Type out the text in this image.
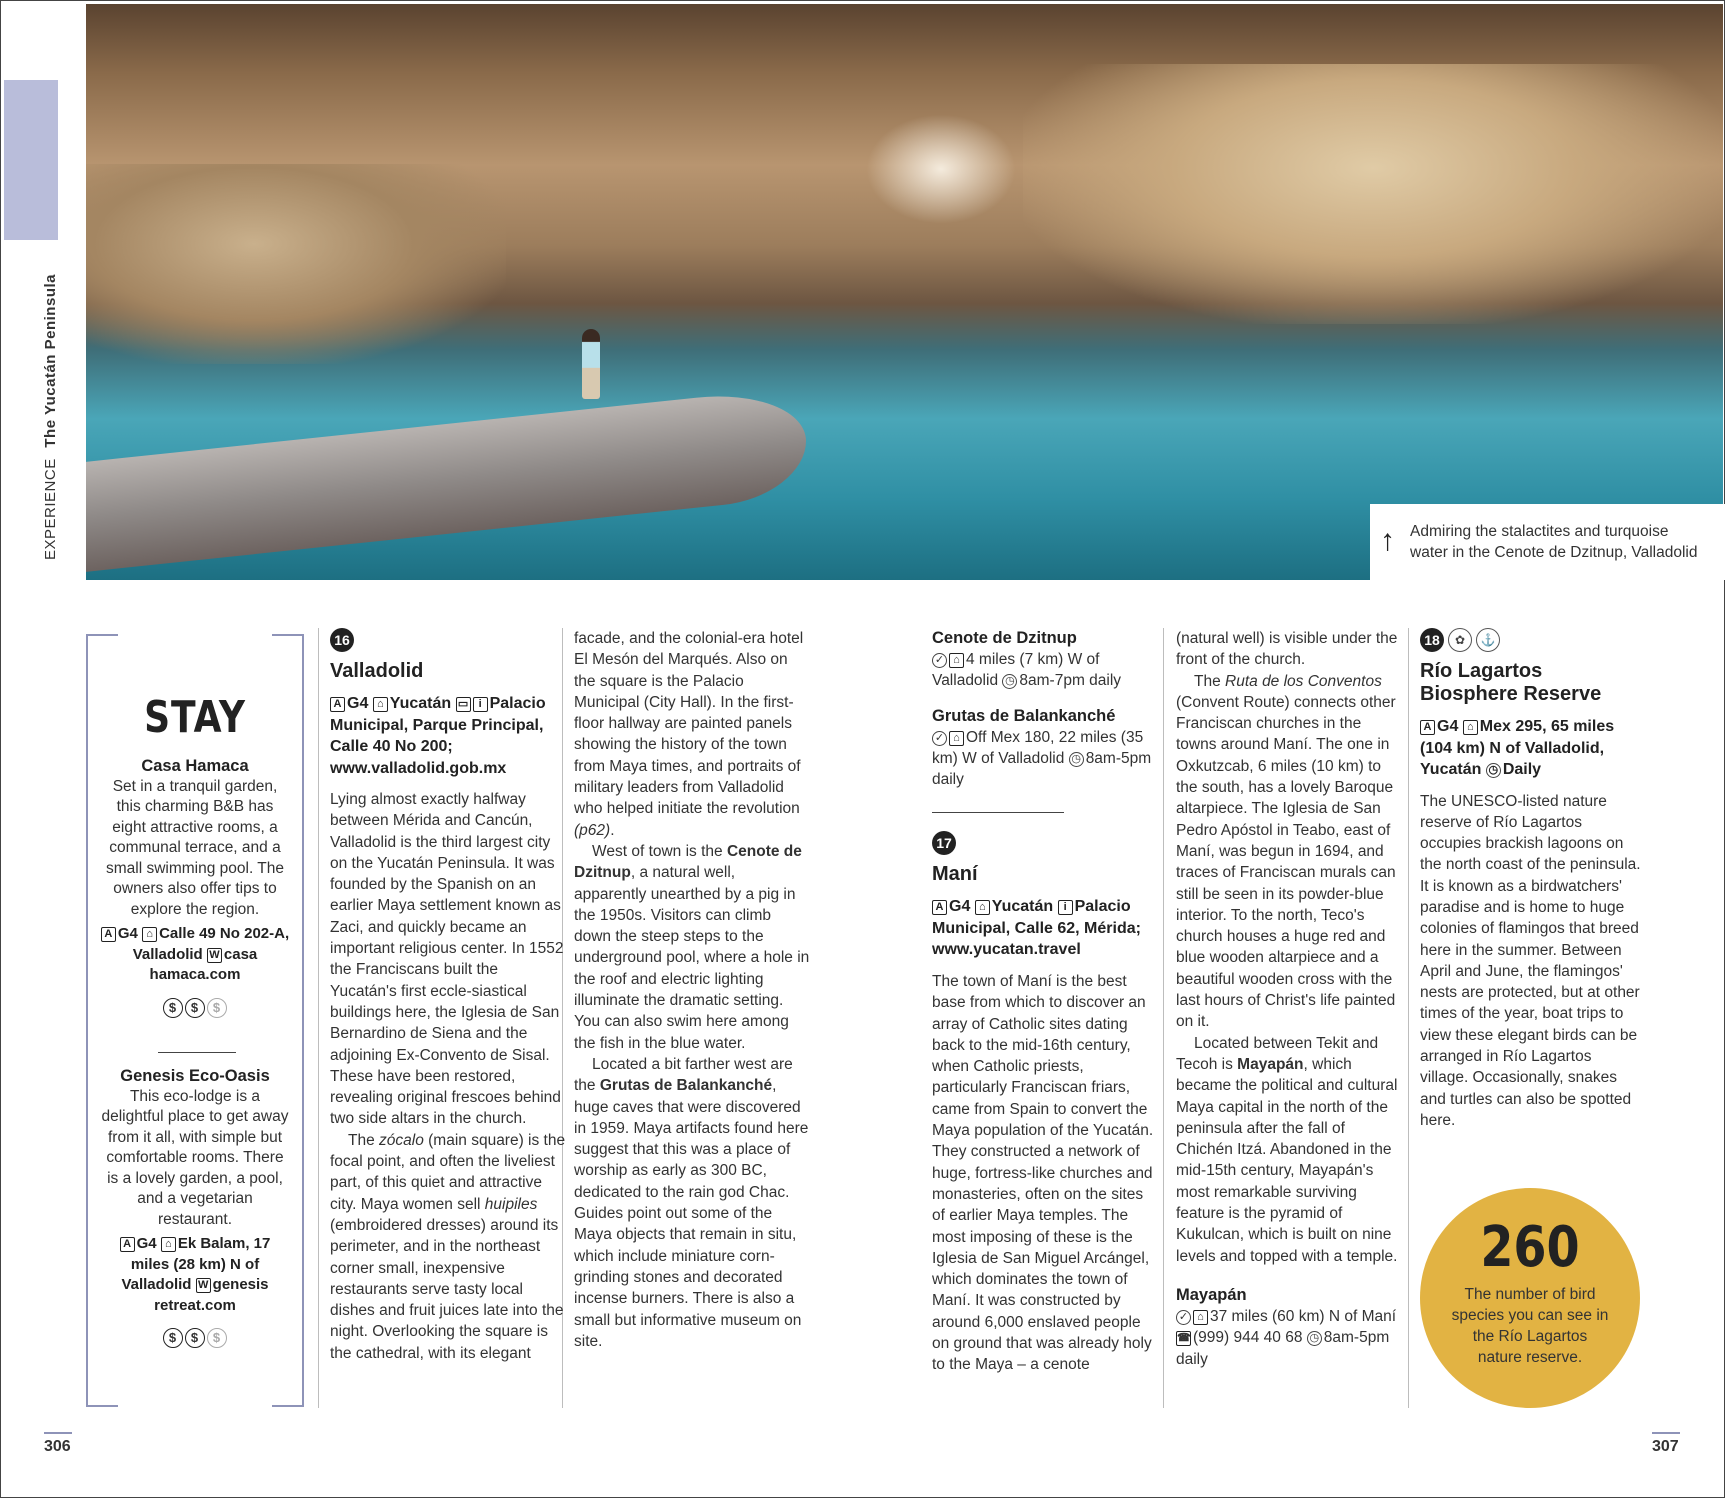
EXPERIENCE The Yucatán Peninsula
↑ Admiring the stalactites and turquoise water in the Cenote de Dzitnup, Valladolid
STAY
Casa Hamaca
Set in a tranquil garden, this charming B&B has eight attractive rooms, a communal terrace, and a small swimming pool. The owners also offer tips to explore the region.
A G4 ⌂ Calle 49 No 202-A, Valladolid W casa hamaca.com
$ $ $
Genesis Eco-Oasis
This eco-lodge is a delightful place to get away from it all, with simple but comfortable rooms. There is a lovely garden, a pool, and a vegetarian restaurant.
A G4 ⌂ Ek Balam, 17 miles (28 km) N of Valladolid W genesis retreat.com
$ $ $
16
Valladolid
A G4 ⌂ Yucatán ▭ i Palacio Municipal, Parque Principal, Calle 40 No 200; www.valladolid.gob.mx

Lying almost exactly halfway between Mérida and Cancún, Valladolid is the third largest city on the Yucatán Peninsula. It was founded by the Spanish on an earlier Maya settlement known as Zaci, and quickly became an important religious center. In 1552 the Franciscans built the Yucatán's first eccle-siastical buildings here, the Iglesia de San Bernardino de Siena and the adjoining Ex-Convento de Sisal. These have been restored, revealing original frescoes behind two side altars in the church.

The zócalo (main square) is the focal point, and often the liveliest part, of this quiet and attractive city. Maya women sell huipiles (embroidered dresses) around its perimeter, and in the northeast corner small, inexpensive restaurants serve tasty local dishes and fruit juices late into the night. Overlooking the square is the cathedral, with its elegant

facade, and the colonial-era hotel El Mesón del Marqués. Also on the square is the Palacio Municipal (City Hall). In the first-floor hallway are painted panels showing the history of the town from Maya times, and portraits of military leaders from Valladolid who helped initiate the revolution (p62).

West of town is the Cenote de Dzitnup, a natural well, apparently unearthed by a pig in the 1950s. Visitors can climb down the steep steps to the underground pool, where a hole in the roof and electric lighting illuminate the dramatic setting. You can also swim here among the fish in the blue water.

Located a bit farther west are the Grutas de Balankanché, huge caves that were discovered in 1959. Maya artifacts found here suggest that this was a place of worship as early as 300 BC, dedicated to the rain god Chac. Guides point out some of the Maya objects that remain in situ, which include miniature corn-grinding stones and decorated incense burners. There is also a small but informative museum on site.

Cenote de Dzitnup
✓ ⌂ 4 miles (7 km) W of Valladolid ◷ 8am-7pm daily
Grutas de Balankanché
✓ ⌂ Off Mex 180, 22 miles (35 km) W of Valladolid ◷ 8am-5pm daily
17
Maní
A G4 ⌂ Yucatán i Palacio Municipal, Calle 62, Mérida; www.yucatan.travel

The town of Maní is the best base from which to discover an array of Catholic sites dating back to the mid-16th century, when Catholic priests, particularly Franciscan friars, came from Spain to convert the Maya population of the Yucatán. They constructed a network of huge, fortress-like churches and monasteries, often on the sites of earlier Maya temples. The most imposing of these is the Iglesia de San Miguel Arcángel, which dominates the town of Maní. It was constructed by around 6,000 enslaved people on ground that was already holy to the Maya – a cenote

(natural well) is visible under the front of the church.

The Ruta de los Conventos (Convent Route) connects other Franciscan churches in the towns around Maní. The one in Oxkutzcab, 6 miles (10 km) to the south, has a lovely Baroque altarpiece. The Iglesia de San Pedro Apóstol in Teabo, east of Maní, was begun in 1694, and traces of Franciscan murals can still be seen in its powder-blue interior. To the north, Teco's church houses a huge red and blue wooden altarpiece and a beautiful wooden cross with the last hours of Christ's life painted on it.

Located between Tekit and Tecoh is Mayapán, which became the political and cultural Maya capital in the north of the peninsula after the fall of Chichén Itzá. Abandoned in the mid-15th century, Mayapán's most remarkable surviving feature is the pyramid of Kukulcan, which is built on nine levels and topped with a temple.

Mayapán
✓ ⌂ 37 miles (60 km) N of Maní ☎ (999) 944 40 68 ◷ 8am-5pm daily
18 ✿ ⚓
Río Lagartos Biosphere Reserve
A G4 ⌂ Mex 295, 65 miles (104 km) N of Valladolid, Yucatán ◷ Daily

The UNESCO-listed nature reserve of Río Lagartos occupies brackish lagoons on the north coast of the peninsula. It is known as a birdwatchers' paradise and is home to huge colonies of flamingos that breed here in the summer. Between April and June, the flamingos' nests are protected, but at other times of the year, boat trips to view these elegant birds can be arranged in Río Lagartos village. Occasionally, snakes and turtles can also be spotted here.

260
The number of bird species you can see in the Río Lagartos nature reserve.
306	307
